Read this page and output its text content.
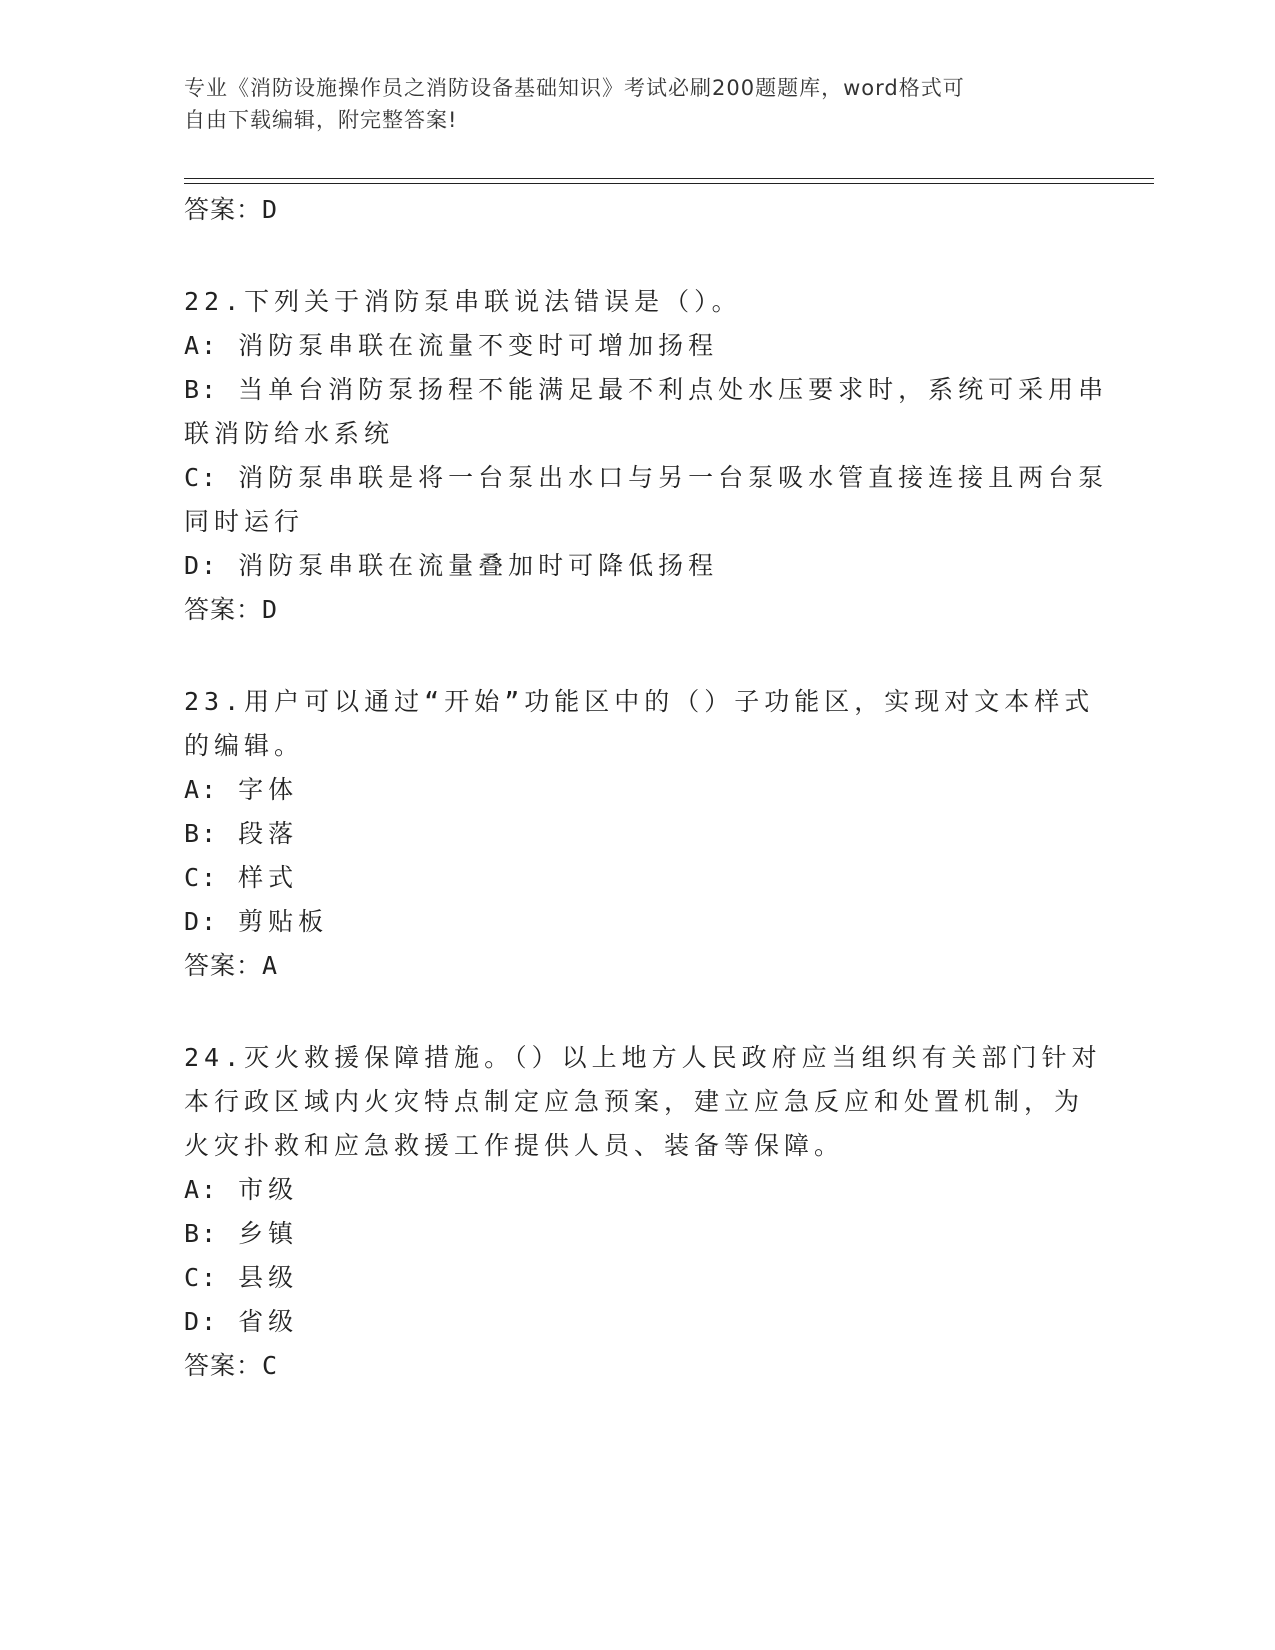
专业《消防设施操作员之消防设备基础知识》考试必刷200题题库，word格式可
自由下载编辑，附完整答案!
答案：D
22.下列关于消防泵串联说法错误是（）。
A: 消防泵串联在流量不变时可增加扬程
B: 当单台消防泵扬程不能满足最不利点处水压要求时，系统可采用串
联消防给水系统
C: 消防泵串联是将一台泵出水口与另一台泵吸水管直接连接且两台泵
同时运行
D: 消防泵串联在流量叠加时可降低扬程
答案：D
23.用户可以通过“开始”功能区中的（）子功能区，实现对文本样式
的编辑。
A: 字体
B: 段落
C: 样式
D: 剪贴板
答案：A
24.灭火救援保障措施。（）以上地方人民政府应当组织有关部门针对
本行政区域内火灾特点制定应急预案，建立应急反应和处置机制，为
火灾扑救和应急救援工作提供人员、装备等保障。
A: 市级
B: 乡镇
C: 县级
D: 省级
答案：C
